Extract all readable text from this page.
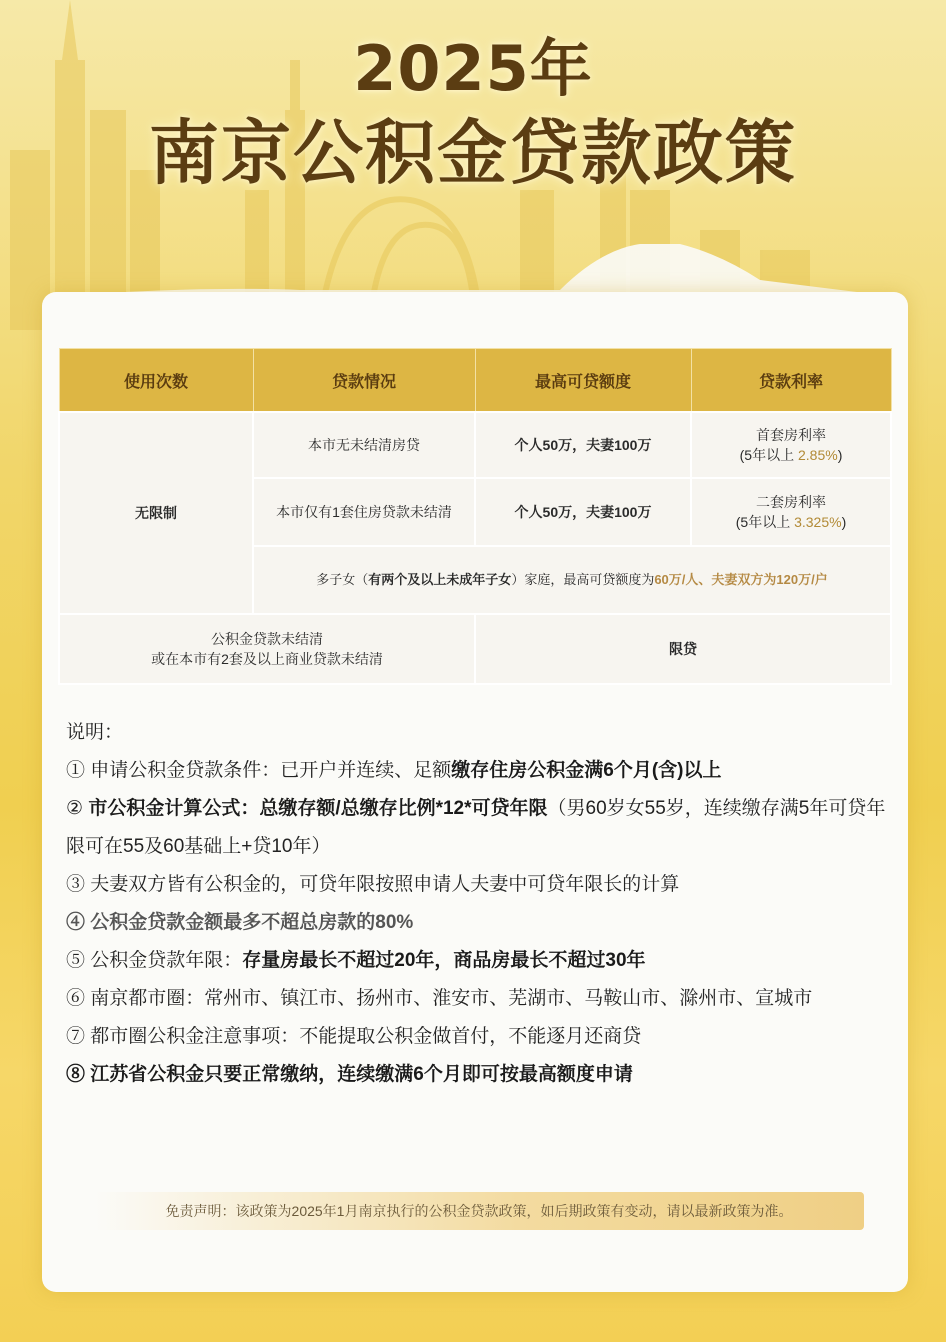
2025年
南京公积金贷款政策
使用次数	贷款情况	最高可贷额度	贷款利率
无限制	本市无未结清房贷	个人50万，夫妻100万	首套房利率
(5年以上 2.85%)

	本市仅有1套住房贷款未结清	个人50万，夫妻100万	二套房利率
(5年以上 3.325%)

	多子女（有两个及以上未成年子女）家庭，最高可贷额度为60万/人、夫妻双方为120万/户		

公积金贷款未结清
或在本市有2套及以上商业贷款未结清		限贷	
说明：
① 申请公积金贷款条件：已开户并连续、足额缴存住房公积金满6个月(含)以上
② 市公积金计算公式：总缴存额/总缴存比例*12*可贷年限（男60岁女55岁，连续缴存满5年可贷年限可在55及60基础上+贷10年）
③ 夫妻双方皆有公积金的，可贷年限按照申请人夫妻中可贷年限长的计算
④ 公积金贷款金额最多不超总房款的80%
⑤ 公积金贷款年限：存量房最长不超过20年，商品房最长不超过30年
⑥ 南京都市圈：常州市、镇江市、扬州市、淮安市、芜湖市、马鞍山市、滁州市、宣城市
⑦ 都市圈公积金注意事项：不能提取公积金做首付，不能逐月还商贷
⑧ 江苏省公积金只要正常缴纳，连续缴满6个月即可按最高额度申请
免责声明：该政策为2025年1月南京执行的公积金贷款政策，如后期政策有变动，请以最新政策为准。
